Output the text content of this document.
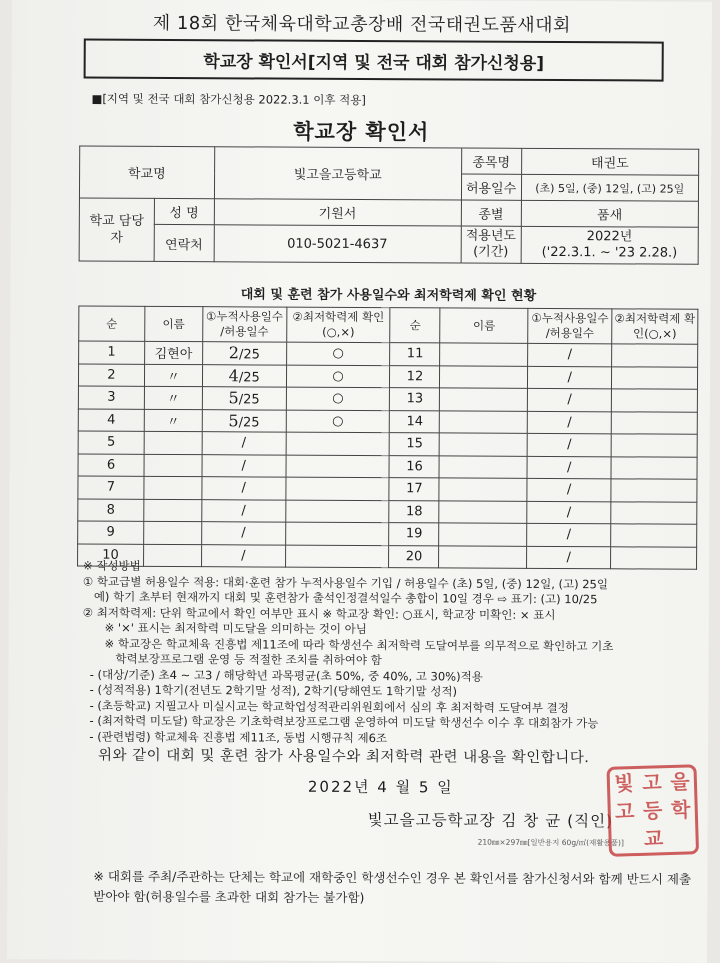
제 18회 한국체육대학교총장배 전국태권도품새대회
학교장 확인서[지역 및 전국 대회 참가신청용]
■[지역 및 전국 대회 참가신청용 2022.3.1 이후 적용]
학교장 확인서
학교명		빛고을고등학교	종목명	태권도
			허용일수	(초) 5일, (중) 12일, (고) 25일
학교 담당자	성 명	기원서	종별	품새
	연락처	010-5021-4637	적용년도 (기간)	2022년
('22.3.1. ~ '23 2.28.)
대회 및 훈련 참가 사용일수와 최저학력제 확인 현황
순	이름	①누적사용일수 /허용일수	②최저학력제 확인(○,×)	순	이름	①누적사용일수 /허용일수	②최저학력제 확인(○,×)
1	김현아	2/25	○	11		/	
2	〃	4/25	○	12		/	
3	〃	5/25	○	13		/	
4	〃	5/25	○	14		/	
5		/		15		/	
6		/		16		/	
7		/		17		/	
8		/		18		/	
9		/		19		/	
10		/		20		/	
※ 작성방법
① 학교급별 허용일수 적용: 대회·훈련 참가 누적사용일수 기입 / 허용일수 (초) 5일, (중) 12일, (고) 25일
예) 학기 초부터 현재까지 대회 및 훈련참가 출석인정결석일수 총합이 10일 경우 ⇨ 표기: (고) 10/25
② 최저학력제: 단위 학교에서 확인 여부만 표시 ※ 학교장 확인: ○표시, 학교장 미확인: × 표시
※ '×' 표시는 최저학력 미도달을 의미하는 것이 아님
※ 학교장은 학교체육 진흥법 제11조에 따라 학생선수 최저학력 도달여부를 의무적으로 확인하고 기초
학력보장프로그램 운영 등 적절한 조치를 취하여야 함
- (대상/기준) 초4 ~ 고3 / 해당학년 과목평균(초 50%, 중 40%, 고 30%)적용
- (성적적용) 1학기(전년도 2학기말 성적), 2학기(당해연도 1학기말 성적)
- (초등학교) 지필고사 미실시교는 학교학업성적관리위원회에서 심의 후 최저학력 도달여부 결정
- (최저학력 미도달) 학교장은 기초학력보장프로그램 운영하여 미도달 학생선수 이수 후 대회참가 가능
- (관련법령) 학교체육 진흥법 제11조, 동법 시행규칙 제6조
위와 같이 대회 및 훈련 참가 사용일수와 최저학력 관련 내용을 확인합니다.
2022년 4 월 5 일
빛고을고등학교장 김 창 균 (직인)
210㎜×297㎜[일반용지 60g/㎡(재활용품)]
빛 고 을
고 등 학
교
※ 대회를 주최/주관하는 단체는 학교에 재학중인 학생선수인 경우 본 확인서를 참가신청서와 함께 반드시 제출받아야 함(허용일수를 초과한 대회 참가는 불가함)
